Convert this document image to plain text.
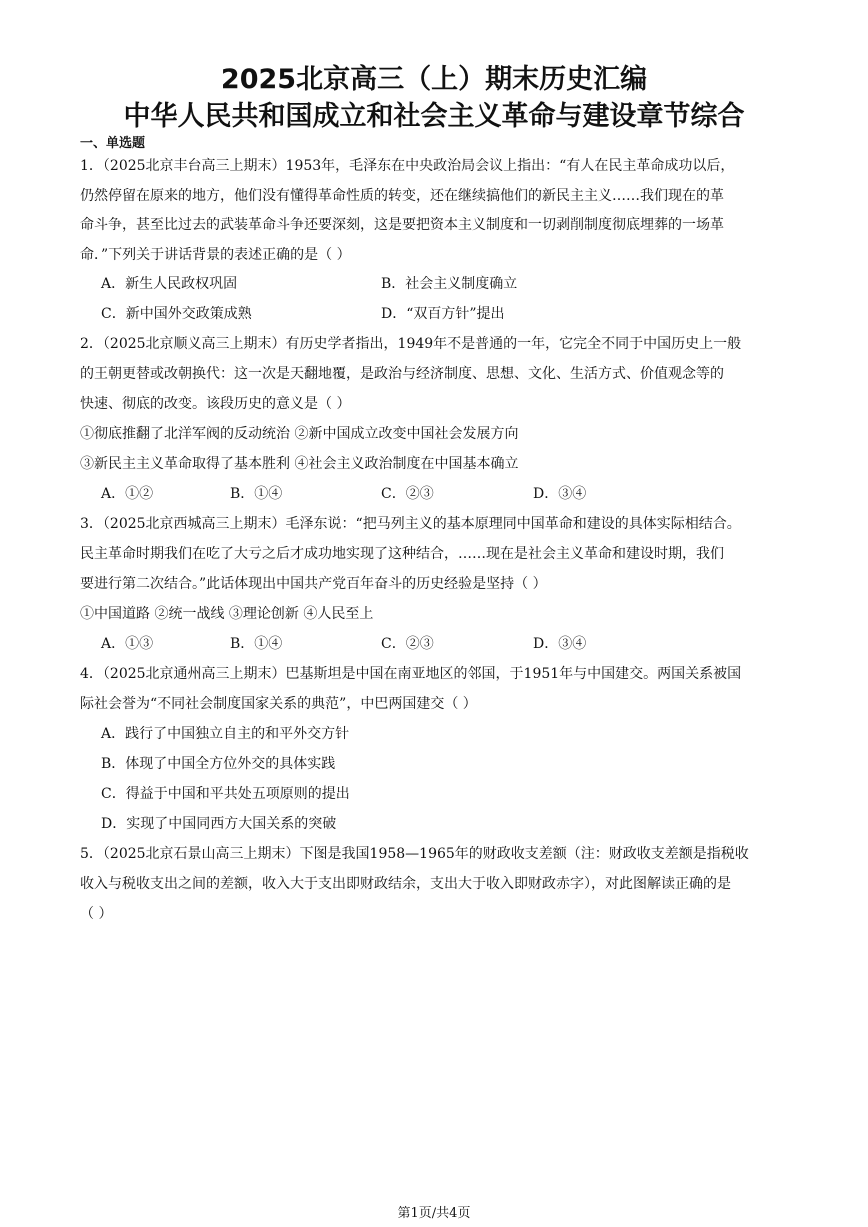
2025北京高三（上）期末历史汇编
中华人民共和国成立和社会主义革命与建设章节综合
一、单选题
1．（2025北京丰台高三上期末）1953年，毛泽东在中央政治局会议上指出：“有人在民主革命成功以后，
仍然停留在原来的地方，他们没有懂得革命性质的转变，还在继续搞他们的新民主主义……我们现在的革
命斗争，甚至比过去的武装革命斗争还要深刻，这是要把资本主义制度和一切剥削制度彻底埋葬的一场革
命．”下列关于讲话背景的表述正确的是（ ）
A．新生人民政权巩固	B．社会主义制度确立
C．新中国外交政策成熟	D．“双百方针”提出
2．（2025北京顺义高三上期末）有历史学者指出，1949年不是普通的一年，它完全不同于中国历史上一般
的王朝更替或改朝换代：这一次是天翻地覆，是政治与经济制度、思想、文化、生活方式、价值观念等的
快速、彻底的改变。该段历史的意义是（ ）
①彻底推翻了北洋军阀的反动统治 ②新中国成立改变中国社会发展方向
③新民主主义革命取得了基本胜利 ④社会主义政治制度在中国基本确立
A．①②	B．①④	C．②③	D．③④
3．（2025北京西城高三上期末）毛泽东说：“把马列主义的基本原理同中国革命和建设的具体实际相结合。
民主革命时期我们在吃了大亏之后才成功地实现了这种结合，……现在是社会主义革命和建设时期，我们
要进行第二次结合。”此话体现出中国共产党百年奋斗的历史经验是坚持（ ）
①中国道路 ②统一战线 ③理论创新 ④人民至上
A．①③	B．①④	C．②③	D．③④
4．（2025北京通州高三上期末）巴基斯坦是中国在南亚地区的邻国，于1951年与中国建交。两国关系被国
际社会誉为“不同社会制度国家关系的典范”，中巴两国建交（ ）
A．践行了中国独立自主的和平外交方针
B．体现了中国全方位外交的具体实践
C．得益于中国和平共处五项原则的提出
D．实现了中国同西方大国关系的突破
5．（2025北京石景山高三上期末）下图是我国1958—1965年的财政收支差额（注：财政收支差额是指税收
收入与税收支出之间的差额，收入大于支出即财政结余，支出大于收入即财政赤字），对此图解读正确的是
（ ）
第1页/共4页
